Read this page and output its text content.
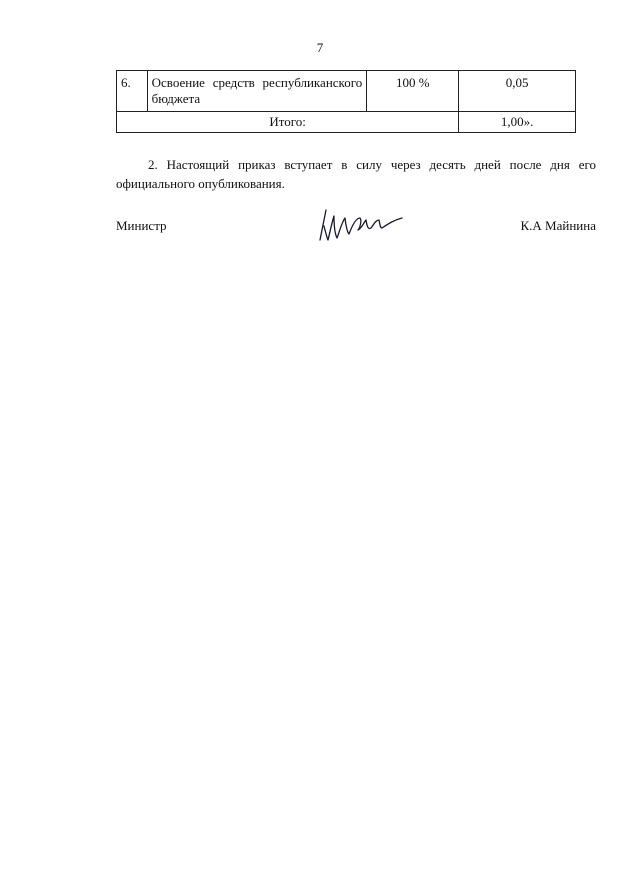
7
6.	Освоение средств республиканского бюджета	100 %	0,05
Итого:			1,00».
2. Настоящий приказ вступает в силу через десять дней после дня его официального опубликования.
Министр	К.А Майнина
